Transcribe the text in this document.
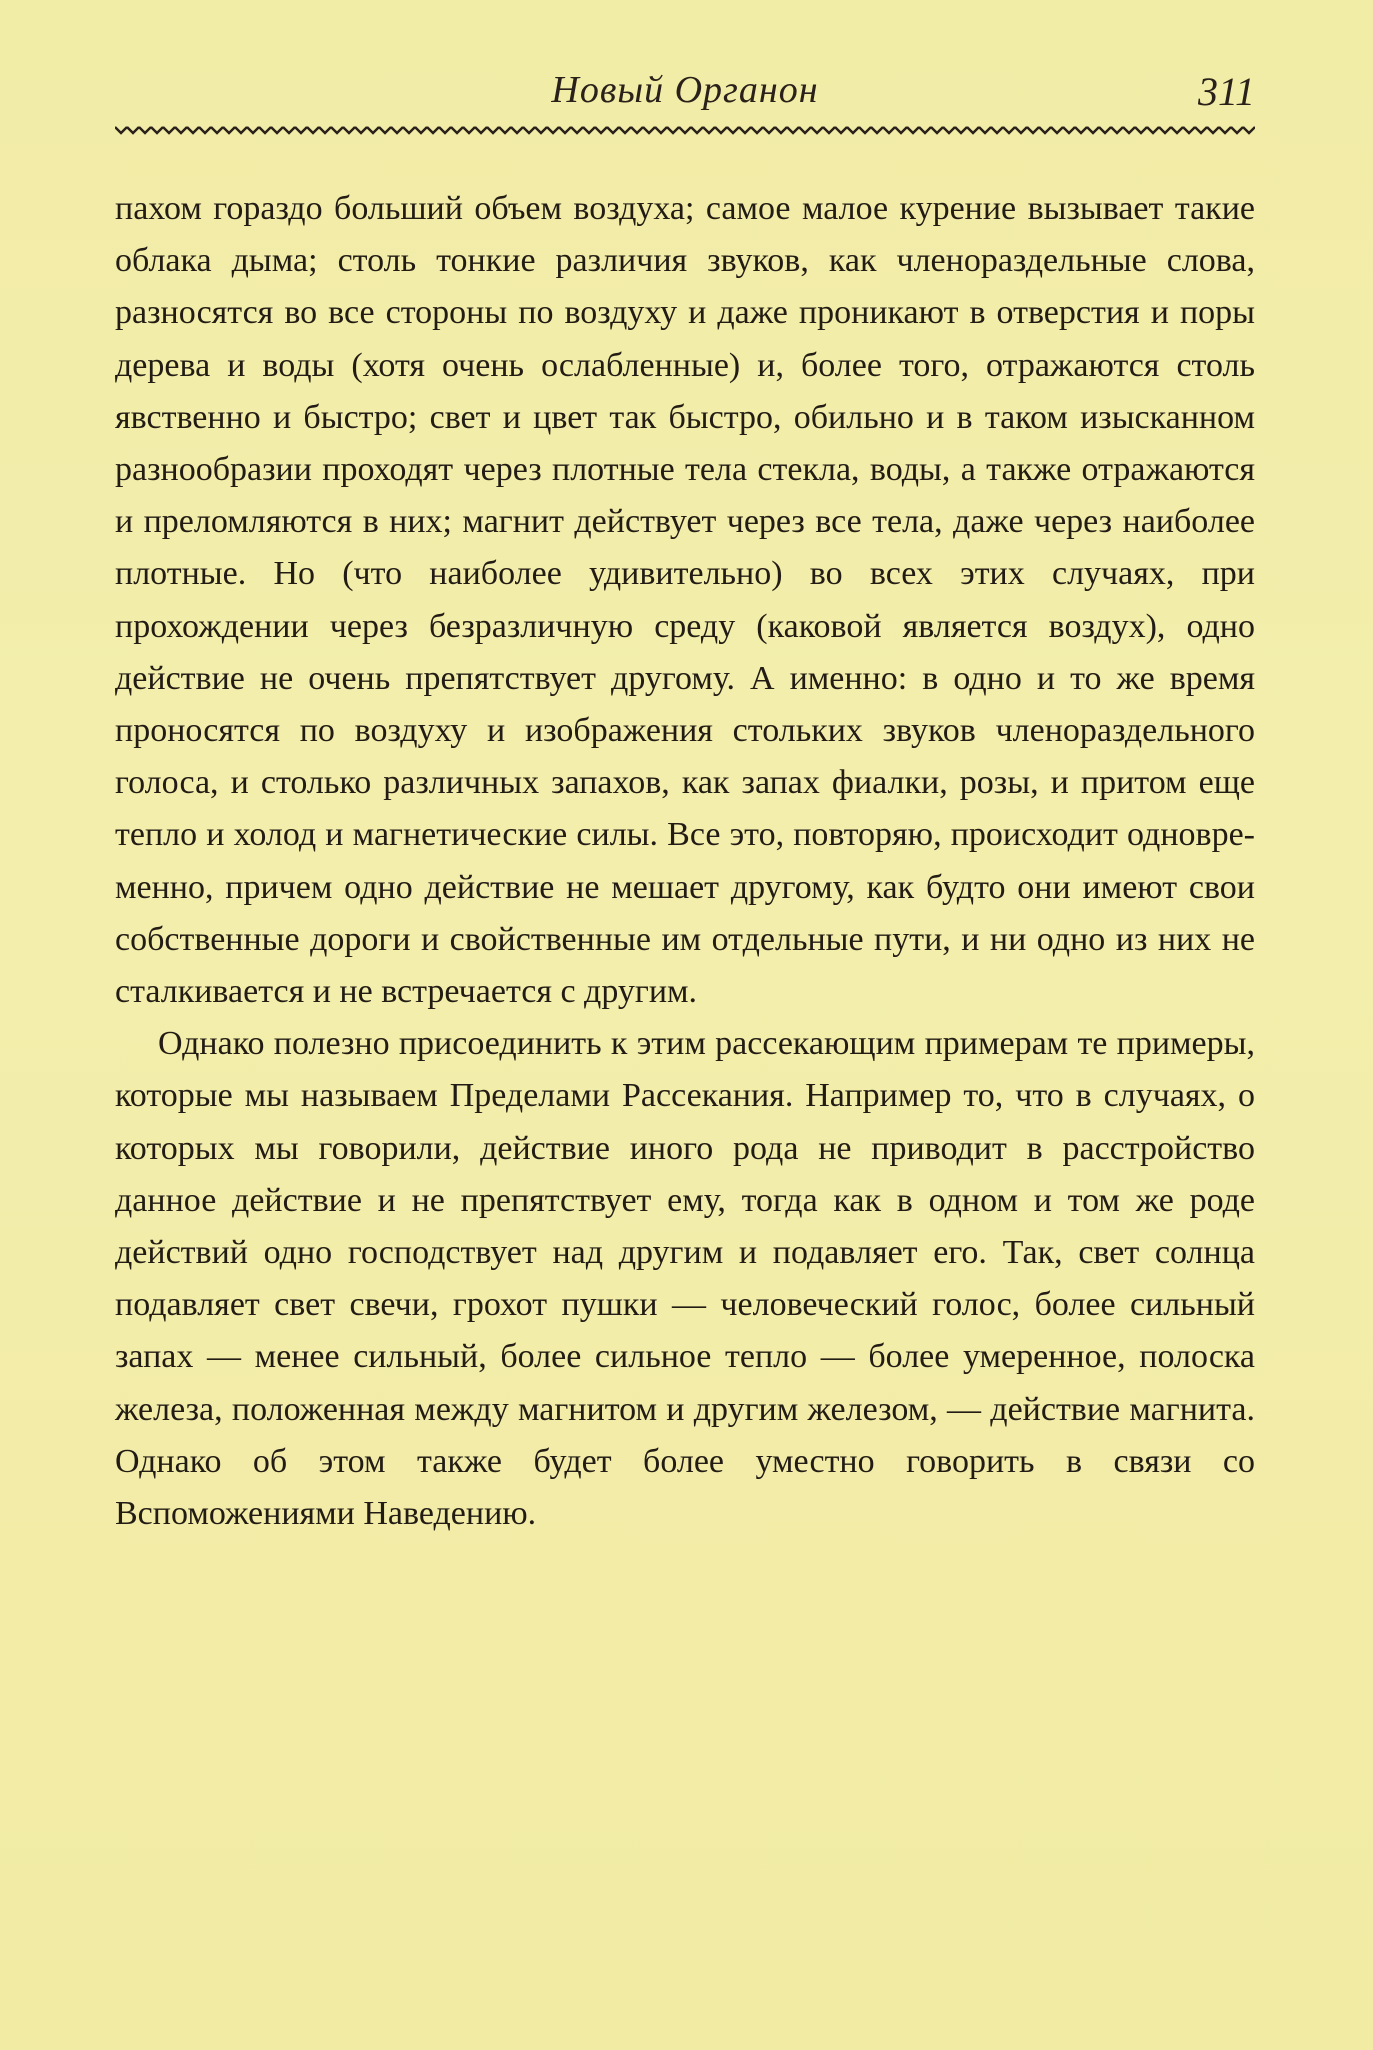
Новый Органон	311

пахом гораздо больший объем воздуха; самое малое курение вызывает такие облака дыма; столь тонкие различия звуков, как членораздельные слова, разносятся во все стороны по воздуху и даже проникают в отверстия и поры дерева и воды (хотя очень ослабленные) и, более того, отражаются столь явственно и быстро; свет и цвет так быстро, обильно и в таком изысканном разнообразии проходят через плотные тела стекла, воды, а также отражаются и преломляются в них; магнит действует через все тела, даже через наиболее плотные. Но (что наиболее удивительно) во всех этих случаях, при прохождении через безразличную среду (каковой является воздух), одно действие не очень препятствует другому. А именно: в одно и то же время проносятся по воздуху и изображения стольких звуков членораздельного голоса, и столько различных запахов, как запах фиалки, розы, и притом еще тепло и холод и магнетические силы. Все это, повторяю, происходит одновременно, причем одно действие не мешает другому, как будто они имеют свои собственные дороги и свойственные им отдельные пути, и ни одно из них не сталкивается и не встречается с другим.

Однако полезно присоединить к этим рассекающим примерам те примеры, которые мы называем Пределами Рассекания. Например то, что в случаях, о которых мы говорили, действие иного рода не приводит в расстройство данное действие и не препятствует ему, тогда как в одном и том же роде действий одно господствует над другим и подавляет его. Так, свет солнца подавляет свет свечи, грохот пушки — человеческий голос, более сильный запах — менее сильный, более сильное тепло — более умеренное, полоска железа, положенная между магнитом и другим железом, — действие магнита. Однако об этом также будет более уместно говорить в связи со Вспоможениями Наведению.
